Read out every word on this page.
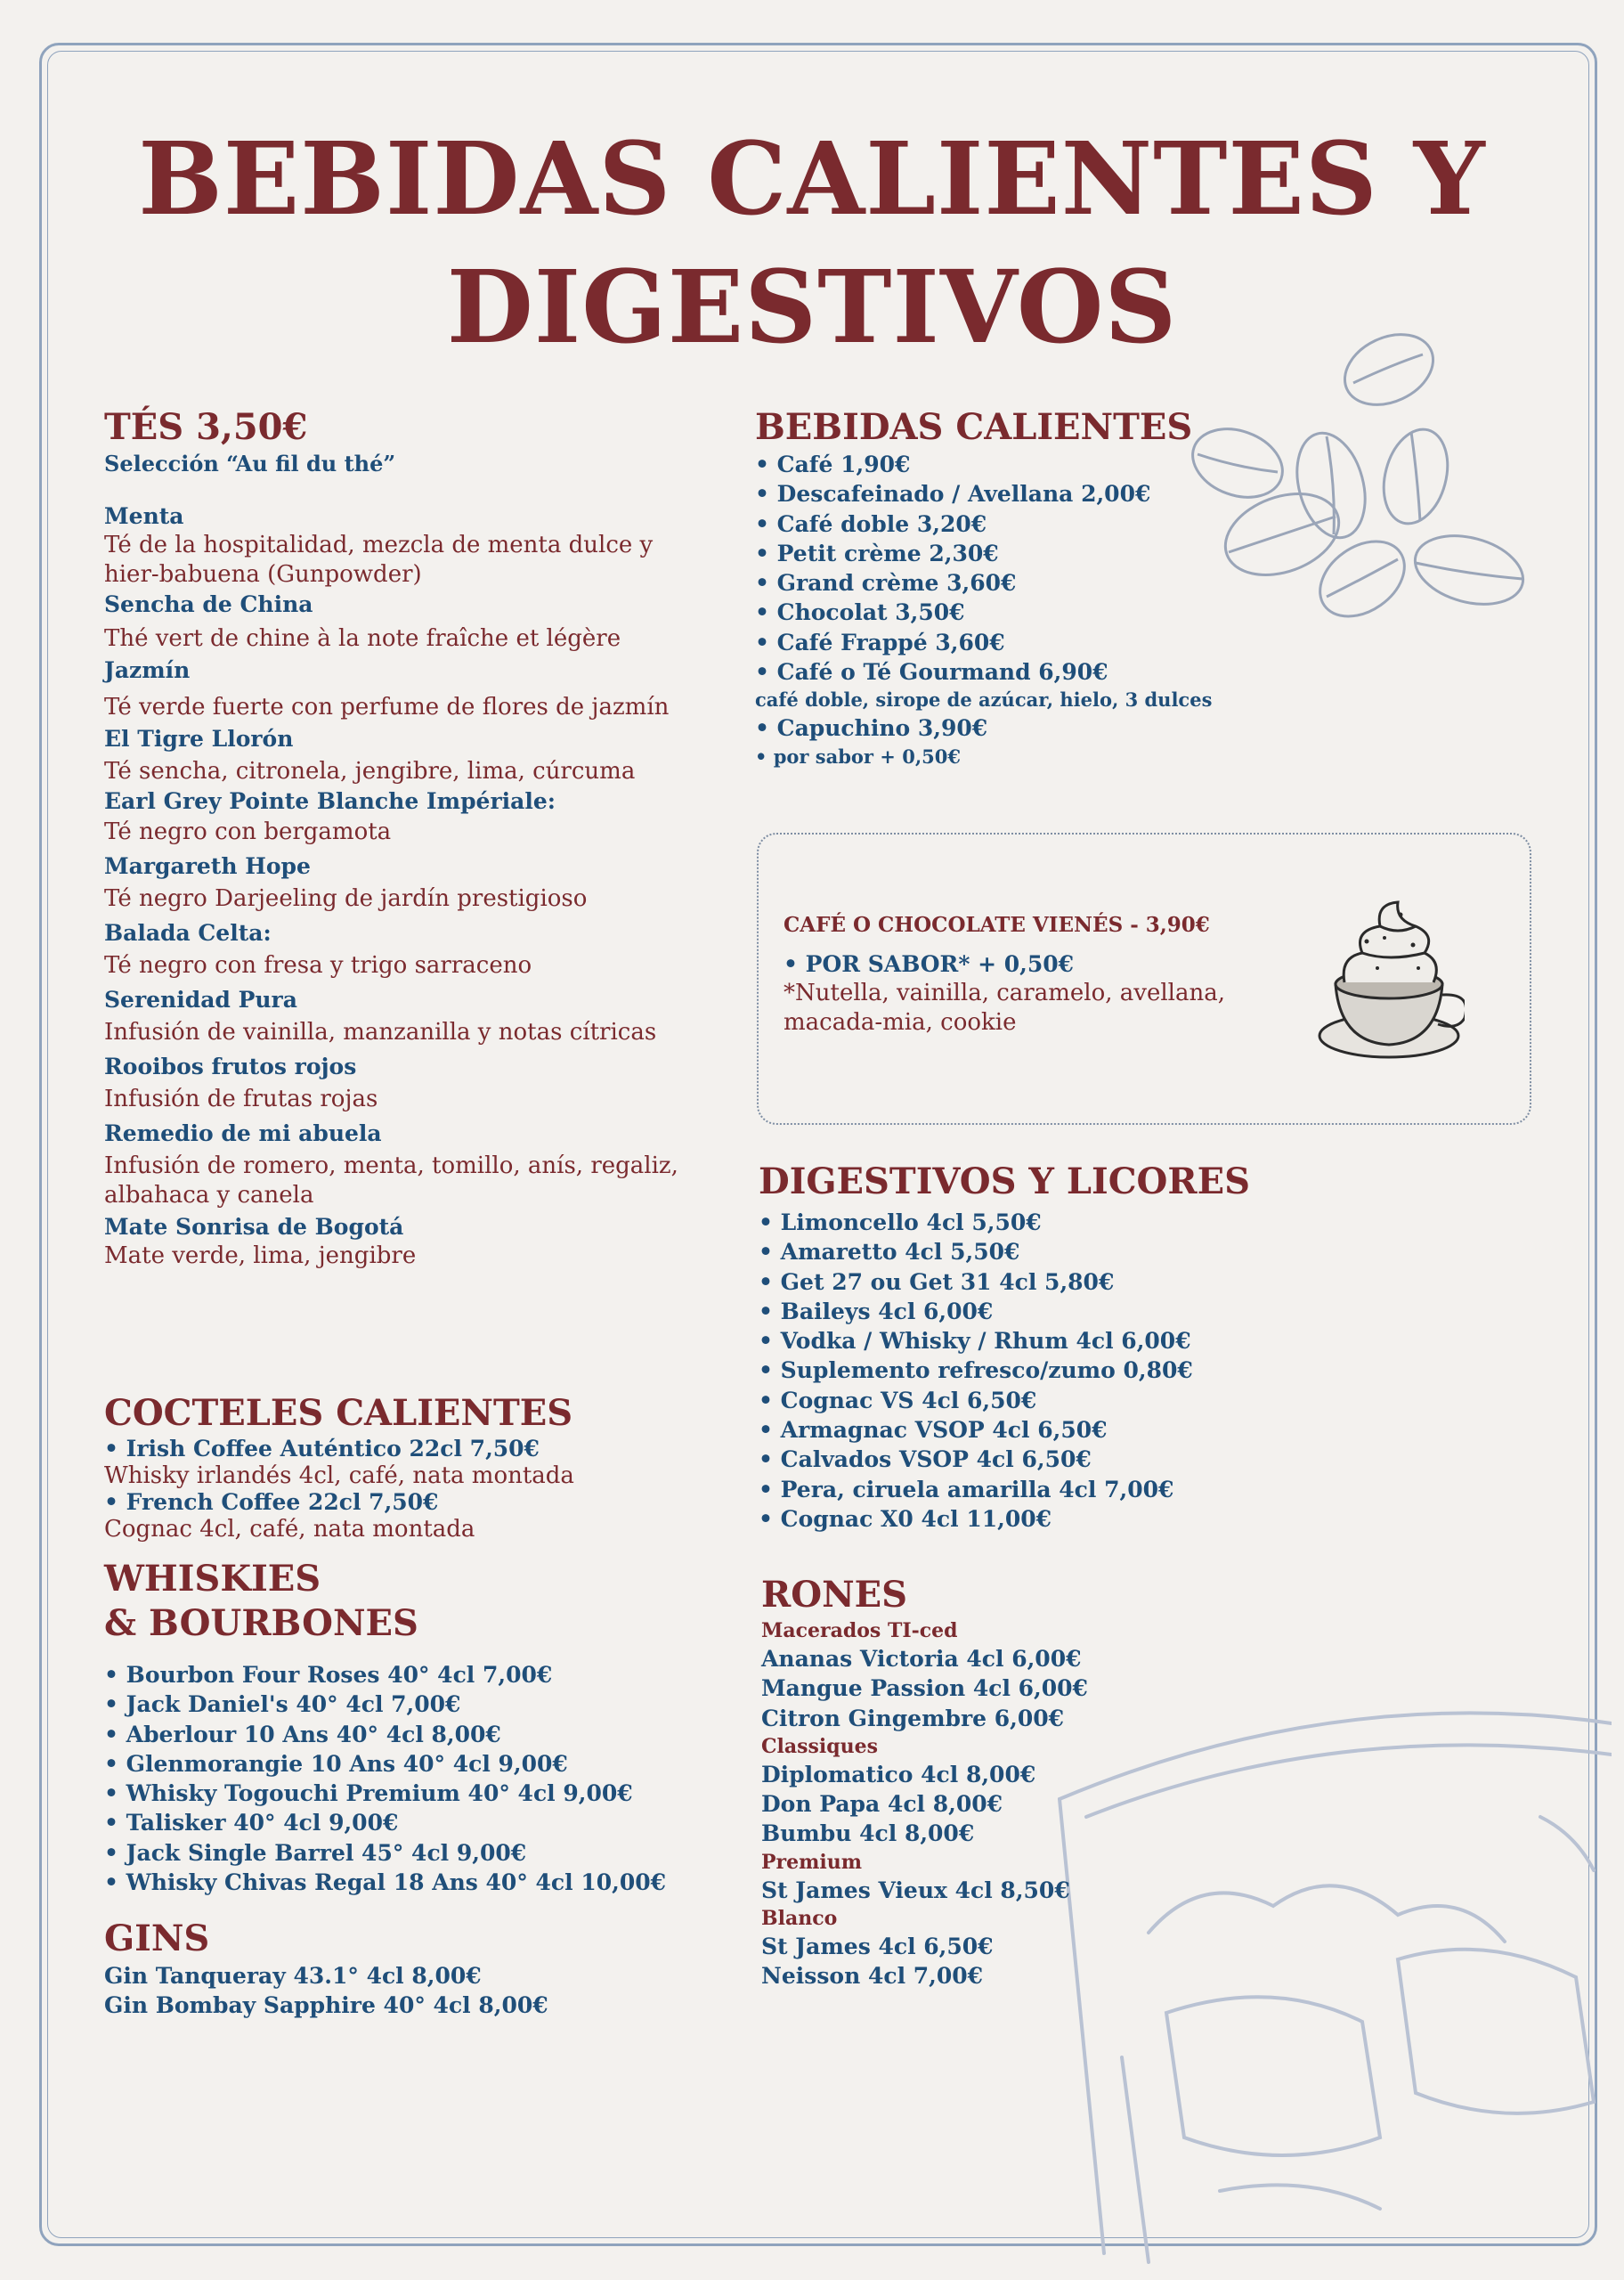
BEBIDAS CALIENTES Y
DIGESTIVOS
TÉS 3,50€
Selección “Au fil du thé”
Menta
Té de la hospitalidad, mezcla de menta dulce y hier-babuena (Gunpowder)
Sencha de China
Thé vert de chine à la note fraîche et légère
Jazmín
Té verde fuerte con perfume de flores de jazmín
El Tigre Llorón
Té sencha, citronela, jengibre, lima, cúrcuma
Earl Grey Pointe Blanche Impériale:
Té negro con bergamota
Margareth Hope
Té negro Darjeeling de jardín prestigioso
Balada Celta:
Té negro con fresa y trigo sarraceno
Serenidad Pura
Infusión de vainilla, manzanilla y notas cítricas
Rooibos frutos rojos
Infusión de frutas rojas
Remedio de mi abuela
Infusión de romero, menta, tomillo, anís, regaliz, albahaca y canela
Mate Sonrisa de Bogotá
Mate verde, lima, jengibre
BEBIDAS CALIENTES
• Café 1,90€
• Descafeinado / Avellana 2,00€
• Café doble 3,20€
• Petit crème 2,30€
• Grand crème 3,60€
• Chocolat 3,50€
• Café Frappé 3,60€
• Café o Té Gourmand 6,90€
café doble, sirope de azúcar, hielo, 3 dulces
• Capuchino 3,90€
• por sabor + 0,50€
CAFÉ O CHOCOLATE VIENÉS - 3,90€
• POR SABOR* + 0,50€
*Nutella, vainilla, caramelo, avellana, macada-mia, cookie
DIGESTIVOS Y LICORES
• Limoncello 4cl 5,50€
• Amaretto 4cl 5,50€
• Get 27 ou Get 31 4cl 5,80€
• Baileys 4cl 6,00€
• Vodka / Whisky / Rhum 4cl 6,00€
• Suplemento refresco/zumo 0,80€
• Cognac VS 4cl 6,50€
• Armagnac VSOP 4cl 6,50€
• Calvados VSOP 4cl 6,50€
• Pera, ciruela amarilla 4cl 7,00€
• Cognac X0 4cl 11,00€
COCTELES CALIENTES
• Irish Coffee Auténtico 22cl 7,50€
Whisky irlandés 4cl, café, nata montada
• French Coffee 22cl 7,50€
Cognac 4cl, café, nata montada
WHISKIES
& BOURBONES
• Bourbon Four Roses 40° 4cl 7,00€
• Jack Daniel's 40° 4cl 7,00€
• Aberlour 10 Ans 40° 4cl 8,00€
• Glenmorangie 10 Ans 40° 4cl 9,00€
• Whisky Togouchi Premium 40° 4cl 9,00€
• Talisker 40° 4cl 9,00€
• Jack Single Barrel 45° 4cl 9,00€
• Whisky Chivas Regal 18 Ans 40° 4cl 10,00€
GINS
Gin Tanqueray 43.1° 4cl 8,00€
Gin Bombay Sapphire 40° 4cl 8,00€
RONES
Macerados TI-ced
Ananas Victoria 4cl 6,00€
Mangue Passion 4cl 6,00€
Citron Gingembre 6,00€
Classiques
Diplomatico 4cl 8,00€
Don Papa 4cl 8,00€
Bumbu 4cl 8,00€
Premium
St James Vieux 4cl 8,50€
Blanco
St James 4cl 6,50€
Neisson 4cl 7,00€
